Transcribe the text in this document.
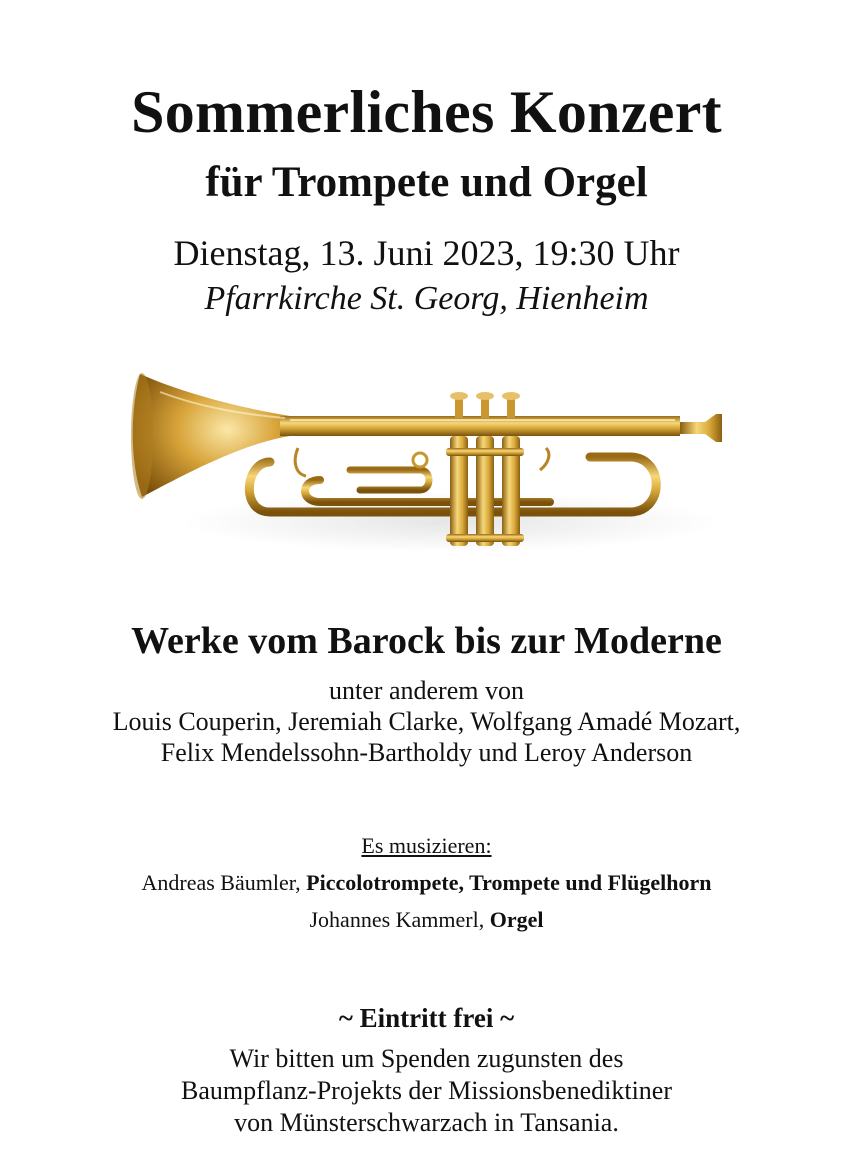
Sommerliches Konzert
für Trompete und Orgel
Dienstag, 13. Juni 2023, 19:30 Uhr
Pfarrkirche St. Georg, Hienheim
Werke vom Barock bis zur Moderne
unter anderem von
Louis Couperin, Jeremiah Clarke, Wolfgang Amadé Mozart,
Felix Mendelssohn-Bartholdy und Leroy Anderson
Es musizieren:
Andreas Bäumler, Piccolotrompete, Trompete und Flügelhorn
Johannes Kammerl, Orgel
~ Eintritt frei ~
Wir bitten um Spenden zugunsten des
Baumpflanz-Projekts der Missionsbenediktiner
von Münsterschwarzach in Tansania.
